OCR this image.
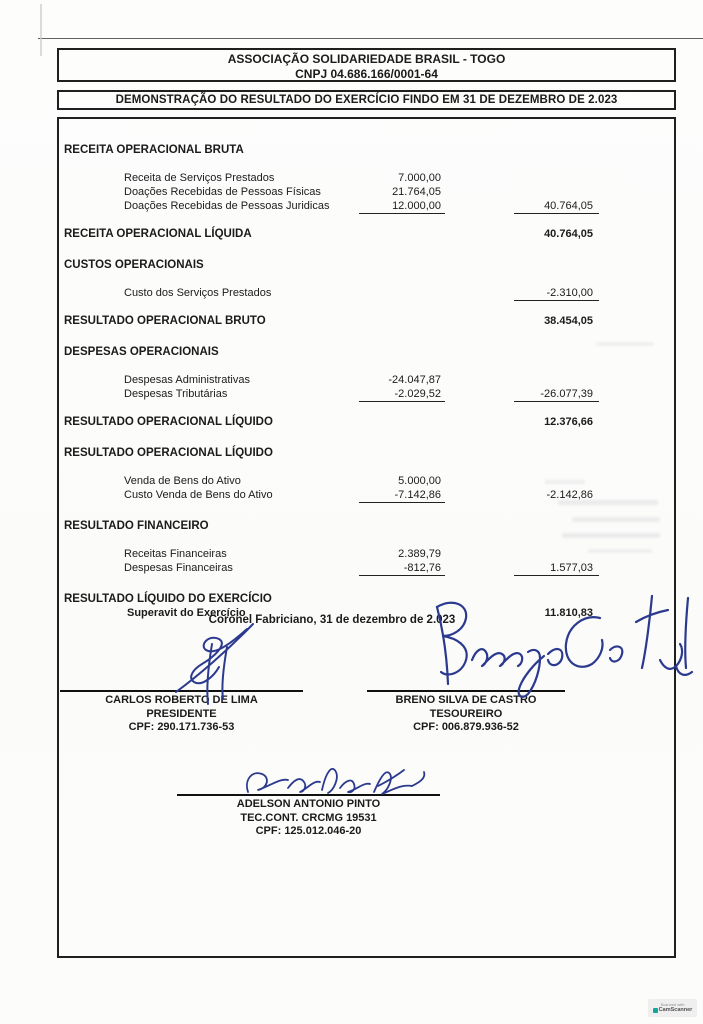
ASSOCIAÇÃO SOLIDARIEDADE BRASIL - TOGO
CNPJ 04.686.166/0001-64
DEMONSTRAÇÃO DO RESULTADO DO EXERCÍCIO FINDO EM 31 DE DEZEMBRO DE 2.023
RECEITA OPERACIONAL BRUTA
Receita de Serviços Prestados	7.000,00
Doações Recebidas de Pessoas Físicas	21.764,05
Doações Recebidas de Pessoas Juridicas	12.000,00	40.764,05
RECEITA OPERACIONAL LÍQUIDA	40.764,05
CUSTOS OPERACIONAIS
Custo dos Serviços Prestados	-2.310,00
RESULTADO OPERACIONAL BRUTO	38.454,05
DESPESAS OPERACIONAIS
Despesas Administrativas	-24.047,87
Despesas Tributárias	-2.029,52	-26.077,39
RESULTADO OPERACIONAL LÍQUIDO	12.376,66
RESULTADO OPERACIONAL LÍQUIDO
Venda de Bens do Ativo	5.000,00
Custo Venda de Bens do Ativo	-7.142,86	-2.142,86
RESULTADO FINANCEIRO
Receitas Financeiras	2.389,79
Despesas Financeiras	-812,76	1.577,03
RESULTADO LÍQUIDO DO EXERCÍCIO
Superavit do Exercício	11.810,83
Coronel Fabriciano, 31 de dezembro de 2.023
CARLOS ROBERTO DE LIMA
PRESIDENTE
CPF: 290.171.736-53
BRENO SILVA DE CASTRO
TESOUREIRO
CPF: 006.879.936-52
ADELSON ANTONIO PINTO
TEC.CONT. CRCMG 19531
CPF: 125.012.046-20
Scanned with
CamScanner
